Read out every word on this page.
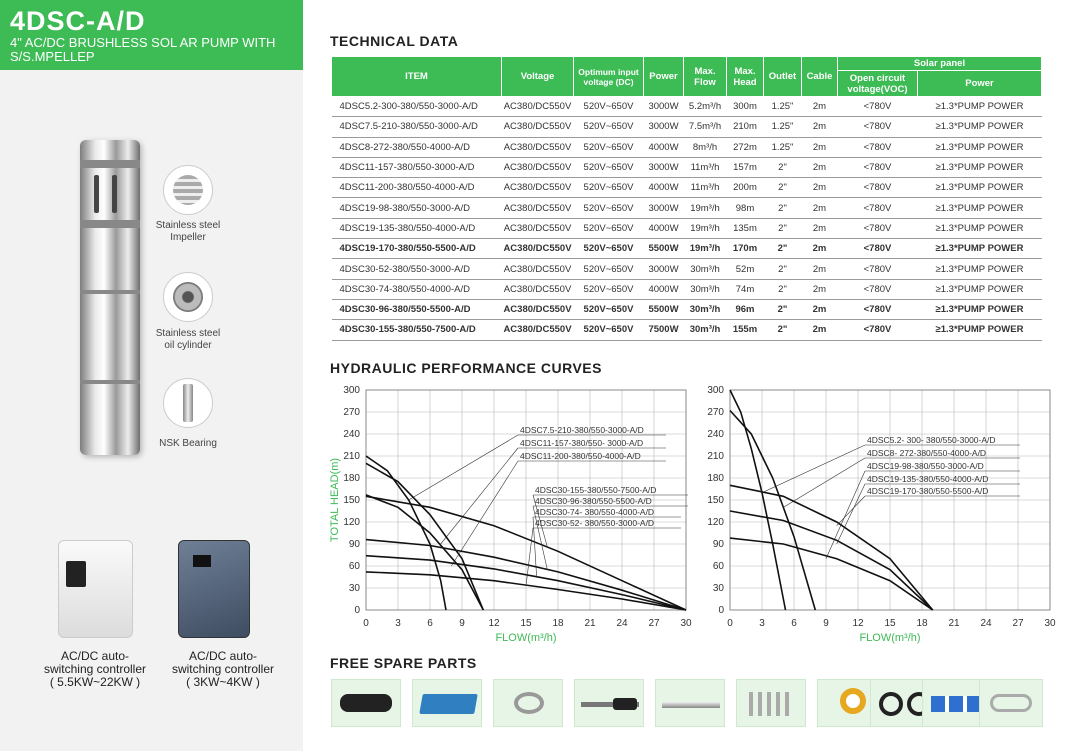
4DSC-A/D
4" AC/DC BRUSHLESS SOL AR PUMP WITH
S/S.MPELLEP
Stainless steel
Impeller
Stainless steel
oil cylinder
NSK Bearing
AC/DC auto-
switching controller
( 5.5KW~22KW )
AC/DC auto-
switching controller
( 3KW~4KW )
TECHNICAL DATA
ITEM	Voltage	Optimum input voltage (DC)	Power	Max. Flow	Max. Head	Outlet	Cable	Solar panel	
								Open circuit voltage(VOC)	Power
4DSC5.2-300-380/550-3000-A/D	AC380/DC550V	520V~650V	3000W	5.2m³/h	300m	1.25"	2m	<780V	≥1.3*PUMP POWER
4DSC7.5-210-380/550-3000-A/D	AC380/DC550V	520V~650V	3000W	7.5m³/h	210m	1.25"	2m	<780V	≥1.3*PUMP POWER
4DSC8-272-380/550-4000-A/D	AC380/DC550V	520V~650V	4000W	8m³/h	272m	1.25"	2m	<780V	≥1.3*PUMP POWER
4DSC11-157-380/550-3000-A/D	AC380/DC550V	520V~650V	3000W	11m³/h	157m	2"	2m	<780V	≥1.3*PUMP POWER
4DSC11-200-380/550-4000-A/D	AC380/DC550V	520V~650V	4000W	11m³/h	200m	2"	2m	<780V	≥1.3*PUMP POWER
4DSC19-98-380/550-3000-A/D	AC380/DC550V	520V~650V	3000W	19m³/h	98m	2"	2m	<780V	≥1.3*PUMP POWER
4DSC19-135-380/550-4000-A/D	AC380/DC550V	520V~650V	4000W	19m³/h	135m	2"	2m	<780V	≥1.3*PUMP POWER
4DSC19-170-380/550-5500-A/D	AC380/DC550V	520V~650V	5500W	19m³/h	170m	2"	2m	<780V	≥1.3*PUMP POWER
4DSC30-52-380/550-3000-A/D	AC380/DC550V	520V~650V	3000W	30m³/h	52m	2"	2m	<780V	≥1.3*PUMP POWER
4DSC30-74-380/550-4000-A/D	AC380/DC550V	520V~650V	4000W	30m³/h	74m	2"	2m	<780V	≥1.3*PUMP POWER
4DSC30-96-380/550-5500-A/D	AC380/DC550V	520V~650V	5500W	30m³/h	96m	2"	2m	<780V	≥1.3*PUMP POWER
4DSC30-155-380/550-7500-A/D	AC380/DC550V	520V~650V	7500W	30m³/h	155m	2"	2m	<780V	≥1.3*PUMP POWER
HYDRAULIC PERFORMANCE CURVES
0
30
60
90
120
150
180
210
240
270
300
0	3	6	9 12 15 18 21 24 27 30
FLOW(m³/h)
TOTAL HEAD(m)
4DSC7.5-210-380/550-3000-A/D
4DSC11-157-380/550- 3000-A/D
4DSC11-200-380/550-4000-A/D
4DSC30-155-380/550-7500-A/D
4DSC30-96-380/550-5500-A/D
4DSC30-74- 380/550-4000-A/D
4DSC30-52- 380/550-3000-A/D
0
30
60
90
120
150
180
210
240
270
300
0	3	6	9 12 15 18 21 24 27 30
FLOW(m³/h)
4DSC5.2- 300- 380/550-3000-A/D
4DSC8- 272-380/550-4000-A/D
4DSC19-98-380/550-3000-A/D
4DSC19-135-380/550-4000-A/D
4DSC19-170-380/550-5500-A/D
FREE SPARE PARTS
